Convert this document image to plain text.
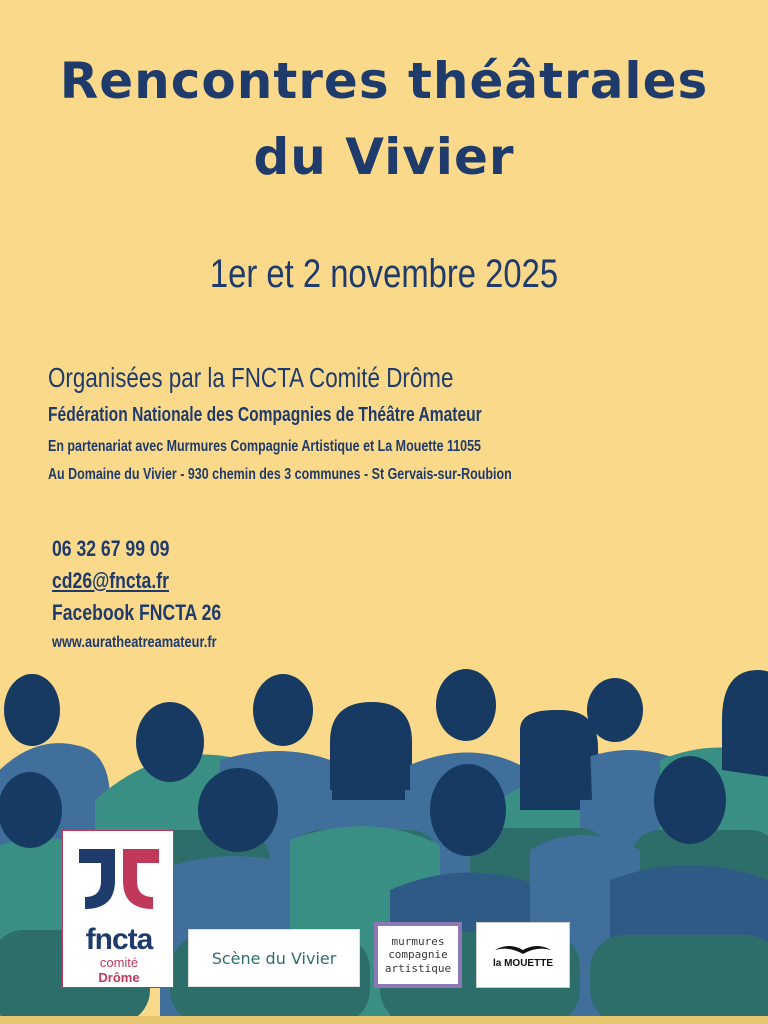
Rencontres théâtrales
du Vivier

1er et 2 novembre 2025

Organisées par la FNCTA Comité Drôme

Fédération Nationale des Compagnies de Théâtre Amateur

En partenariat avec Murmures Compagnie Artistique et La Mouette 11055

Au Domaine du Vivier - 930 chemin des 3 communes - St Gervais-sur-Roubion

06 32 67 99 09

cd26@fncta.fr

Facebook FNCTA 26

www.auratheatreamateur.fr

fncta

comité

Drôme

Scène du Vivier
murmures
compagnie
artistique	la MOUETTE
